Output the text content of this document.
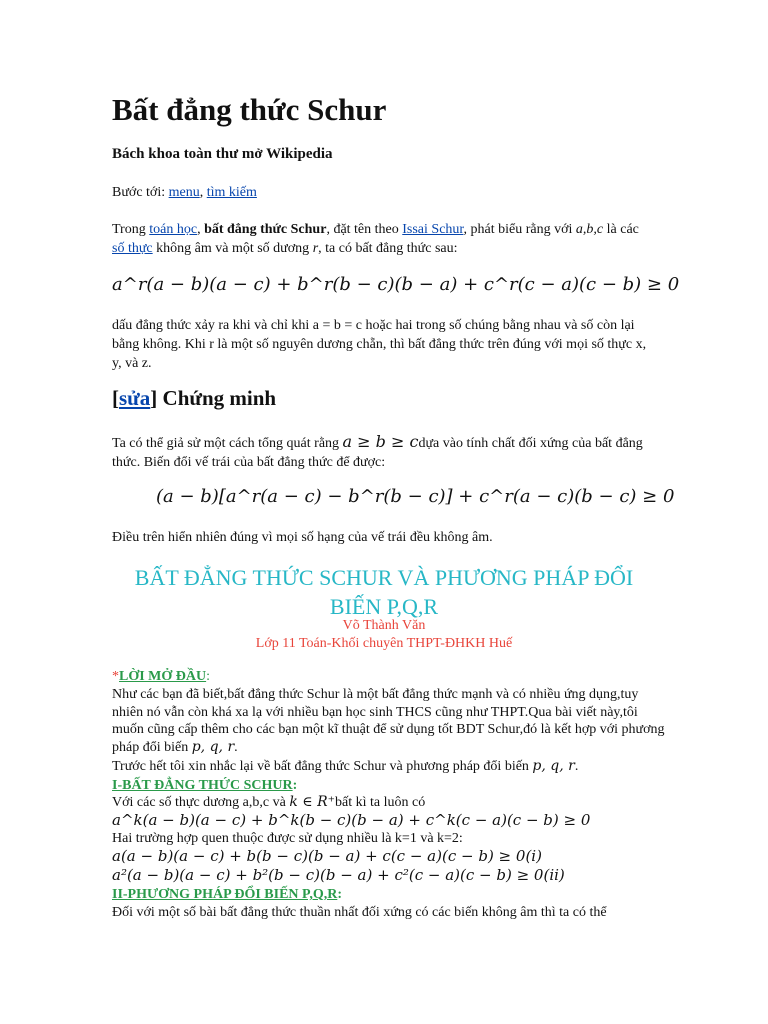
Bất đẳng thức Schur
Bách khoa toàn thư mở Wikipedia
Bước tới: menu, tìm kiếm
Trong toán học, bất đẳng thức Schur, đặt tên theo Issai Schur, phát biểu rằng với a,b,c là các số thực không âm và một số dương r, ta có bất đẳng thức sau:
a^r(a − b)(a − c) + b^r(b − c)(b − a) + c^r(c − a)(c − b) ≥ 0
dấu đẳng thức xảy ra khi và chỉ khi a = b = c hoặc hai trong số chúng bằng nhau và số còn lại bằng không. Khi r là một số nguyên dương chẵn, thì bất đẳng thức trên đúng với mọi số thực x, y, và z.
[sửa] Chứng minh
Ta có thể giả sử một cách tổng quát rằng a ≥ b ≥ cdựa vào tính chất đối xứng của bất đẳng thức. Biến đổi vế trái của bất đẳng thức để được:
(a − b)[a^r(a − c) − b^r(b − c)] + c^r(a − c)(b − c) ≥ 0
Điều trên hiển nhiên đúng vì mọi số hạng của vế trái đều không âm.
BẤT ĐẲNG THỨC SCHUR VÀ PHƯƠNG PHÁP ĐỔI
BIẾN P,Q,R
Võ Thành Văn
Lớp 11 Toán-Khối chuyên THPT-ĐHKH Huế
*LỜI MỞ ĐẦU:
Như các bạn đã biết,bất đẳng thức Schur là một bất đẳng thức mạnh và có nhiều ứng dụng,tuy nhiên nó vẫn còn khá xa lạ với nhiều bạn học sinh THCS cũng như THPT.Qua bài viết này,tôi muốn cũng cấp thêm cho các bạn một kĩ thuật để sử dụng tốt BDT Schur,đó là kết hợp với phương pháp đổi biến p, q, r.
Trước hết tôi xin nhắc lại về bất đẳng thức Schur và phương pháp đổi biến p, q, r.
I-BẤT ĐẲNG THỨC SCHUR:
Với các số thực dương a,b,c và k ∈ R⁺bất kì ta luôn có
a^k(a − b)(a − c) + b^k(b − c)(b − a) + c^k(c − a)(c − b) ≥ 0
Hai trường hợp quen thuộc được sử dụng nhiều là k=1 và k=2:
a(a − b)(a − c) + b(b − c)(b − a) + c(c − a)(c − b) ≥ 0(i)
a²(a − b)(a − c) + b²(b − c)(b − a) + c²(c − a)(c − b) ≥ 0(ii)
II-PHƯƠNG PHÁP ĐỔI BIẾN P,Q,R:
Đối với một số bài bất đẳng thức thuần nhất đối xứng có các biến không âm thì ta có thể
